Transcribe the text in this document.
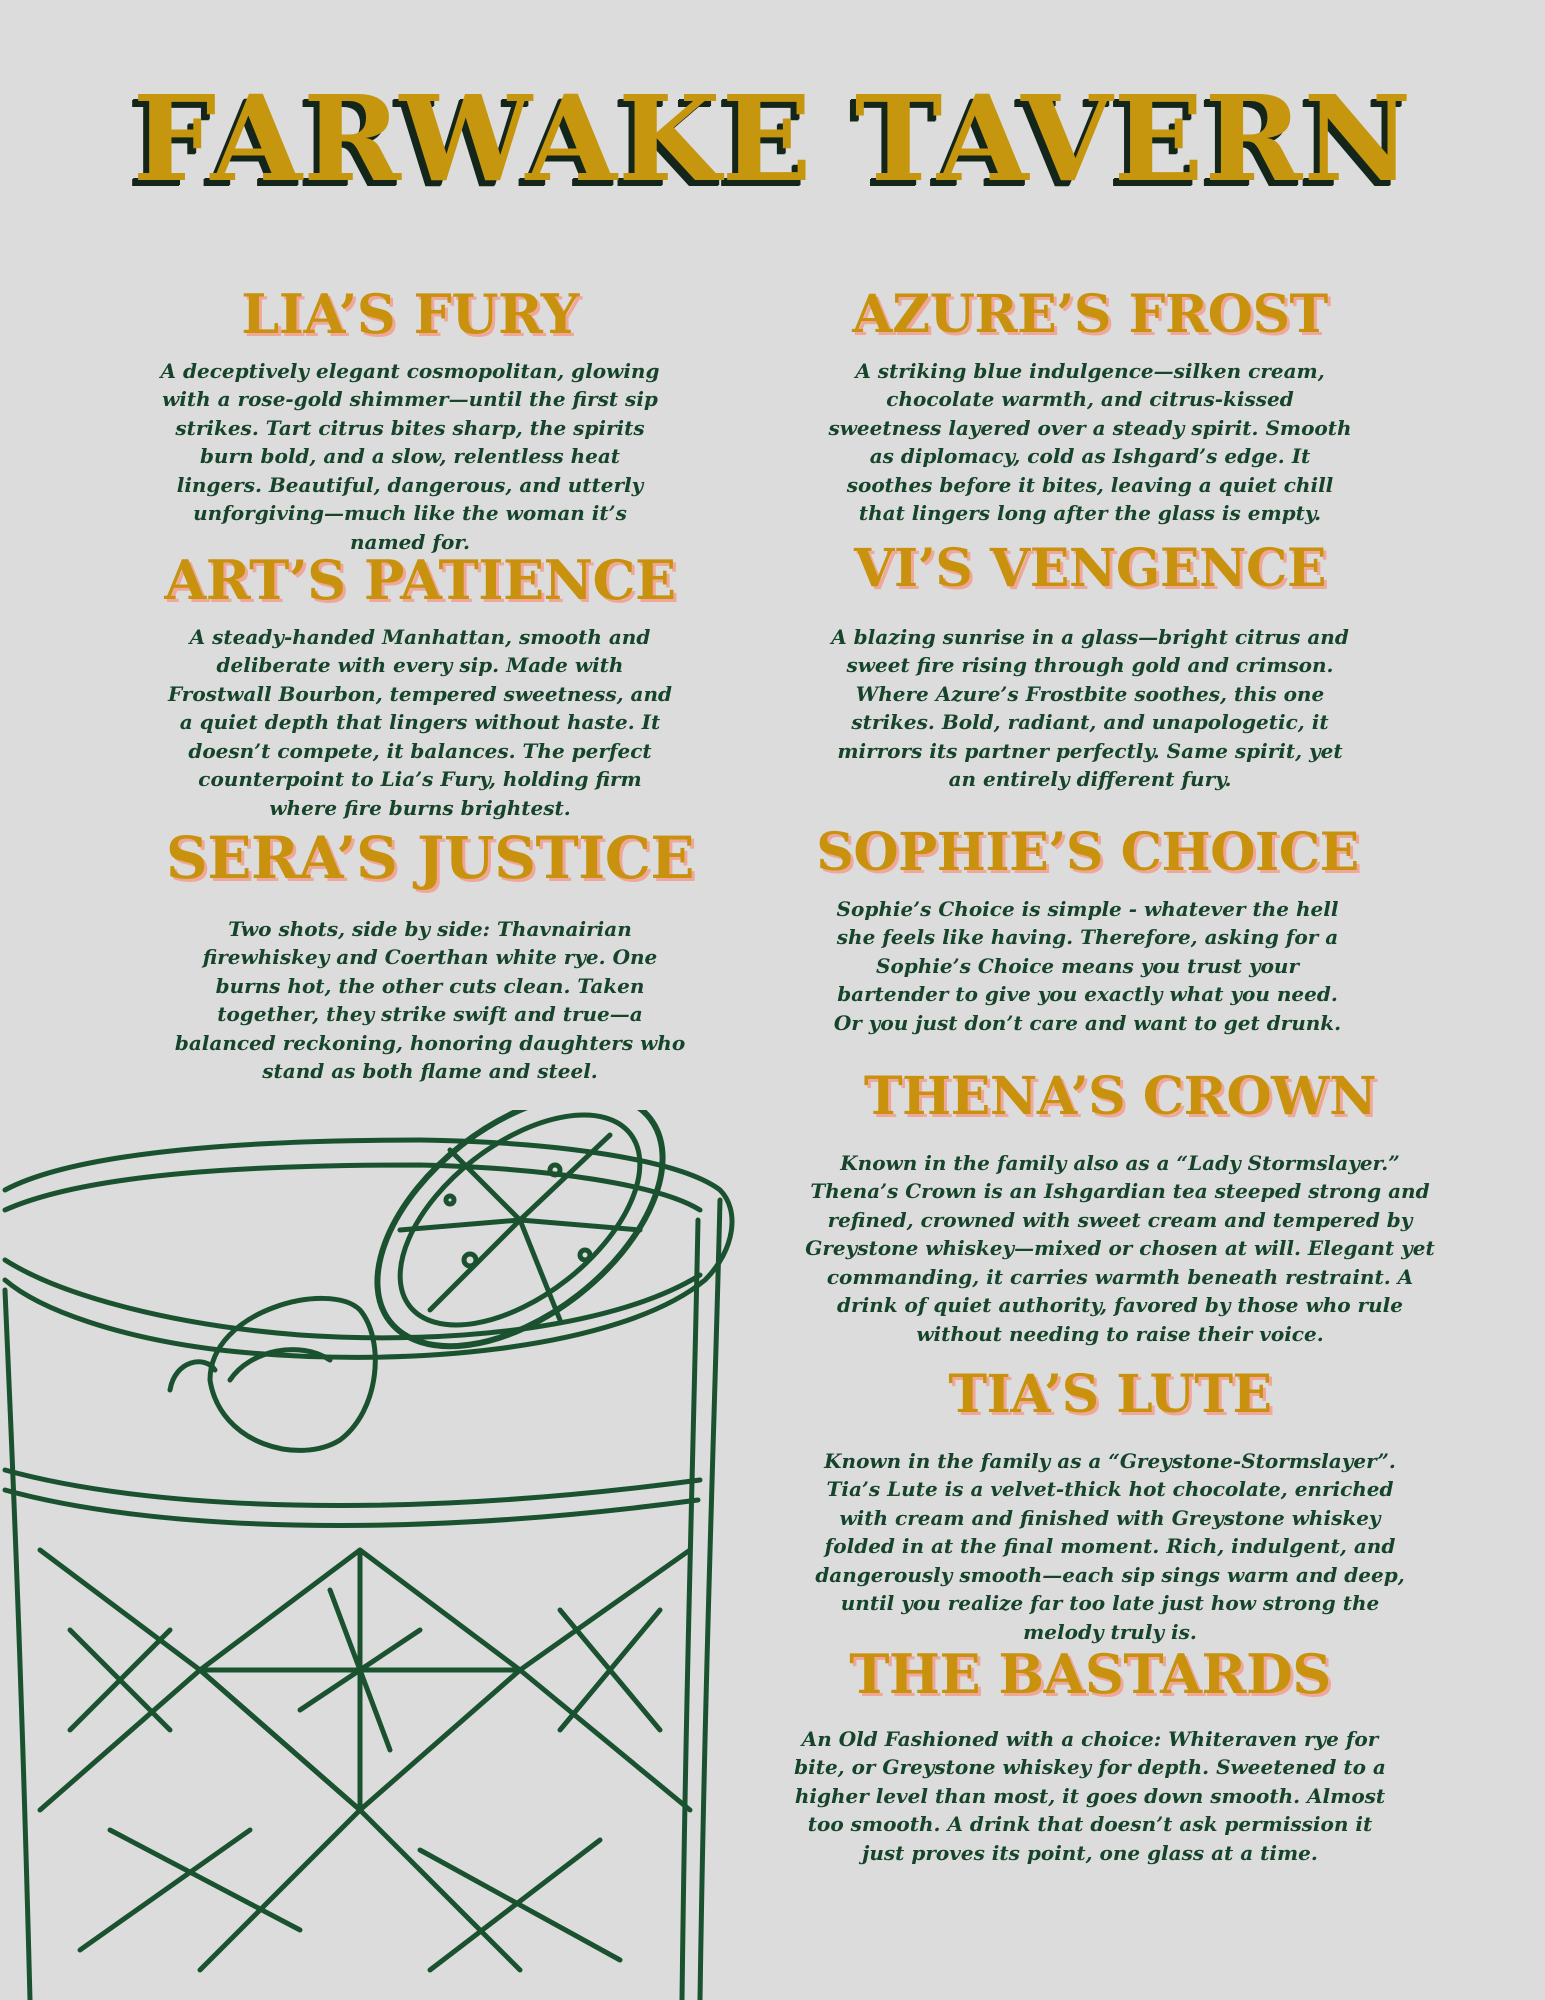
FARWAKE TAVERN
LIA’S FURY

A deceptively elegant cosmopolitan, glowing with a rose-gold shimmer—until the first sip strikes. Tart citrus bites sharp, the spirits burn bold, and a slow, relentless heat lingers. Beautiful, dangerous, and utterly unforgiving—much like the woman it’s named for.

ART’S PATIENCE

A steady-handed Manhattan, smooth and deliberate with every sip. Made with Frostwall Bourbon, tempered sweetness, and a quiet depth that lingers without haste. It doesn’t compete, it balances. The perfect counterpoint to Lia’s Fury, holding firm where fire burns brightest.

SERA’S JUSTICE

Two shots, side by side: Thavnairian firewhiskey and Coerthan white rye. One burns hot, the other cuts clean. Taken together, they strike swift and true—a balanced reckoning, honoring daughters who stand as both flame and steel.

AZURE’S FROST

A striking blue indulgence—silken cream, chocolate warmth, and citrus-kissed sweetness layered over a steady spirit. Smooth as diplomacy, cold as Ishgard’s edge. It soothes before it bites, leaving a quiet chill that lingers long after the glass is empty.

VI’S VENGENCE

A blazing sunrise in a glass—bright citrus and sweet fire rising through gold and crimson. Where Azure’s Frostbite soothes, this one strikes. Bold, radiant, and unapologetic, it mirrors its partner perfectly. Same spirit, yet an entirely different fury.

SOPHIE’S CHOICE

Sophie’s Choice is simple - whatever the hell she feels like having. Therefore, asking for a Sophie’s Choice means you trust your bartender to give you exactly what you need. Or you just don’t care and want to get drunk.

THENA’S CROWN

Known in the family also as a “Lady Stormslayer.” Thena’s Crown is an Ishgardian tea steeped strong and refined, crowned with sweet cream and tempered by Greystone whiskey—mixed or chosen at will. Elegant yet commanding, it carries warmth beneath restraint. A drink of quiet authority, favored by those who rule without needing to raise their voice.

TIA’S LUTE

Known in the family as a “Greystone-Stormslayer”. Tia’s Lute is a velvet-thick hot chocolate, enriched with cream and finished with Greystone whiskey folded in at the final moment. Rich, indulgent, and dangerously smooth—each sip sings warm and deep, until you realize far too late just how strong the melody truly is.

THE BASTARDS

An Old Fashioned with a choice: Whiteraven rye for bite, or Greystone whiskey for depth. Sweetened to a higher level than most, it goes down smooth. Almost too smooth. A drink that doesn’t ask permission it just proves its point, one glass at a time.
